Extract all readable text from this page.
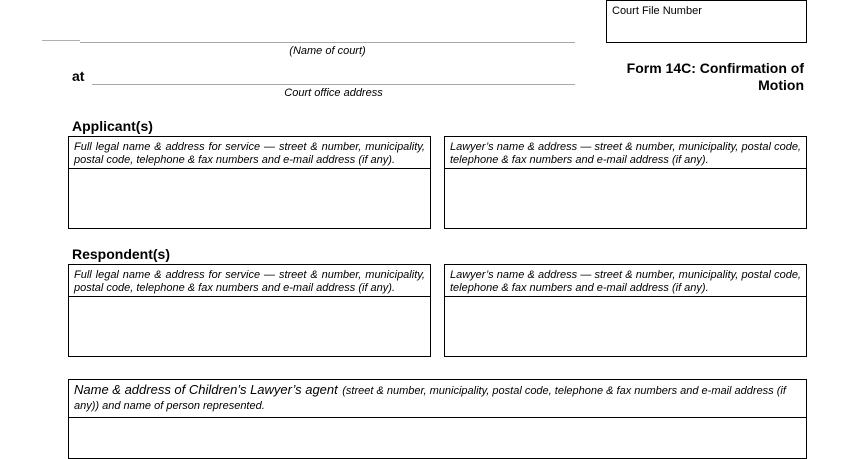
Court File Number
(Name of court)
at
Court office address
Form 14C: Confirmation of
Motion
Applicant(s)
Full legal name & address for service — street & number, municipality, postal code, telephone & fax numbers and e-mail address (if any).
Lawyer’s name & address — street & number, municipality, postal code, telephone & fax numbers and e-mail address (if any).
Respondent(s)
Full legal name & address for service — street & number, municipality, postal code, telephone & fax numbers and e-mail address (if any).
Lawyer’s name & address — street & number, municipality, postal code, telephone & fax numbers and e-mail address (if any).
Name & address of Children’s Lawyer’s agent (street & number, municipality, postal code, telephone & fax numbers and e-mail address (if any)) and name of person represented.
